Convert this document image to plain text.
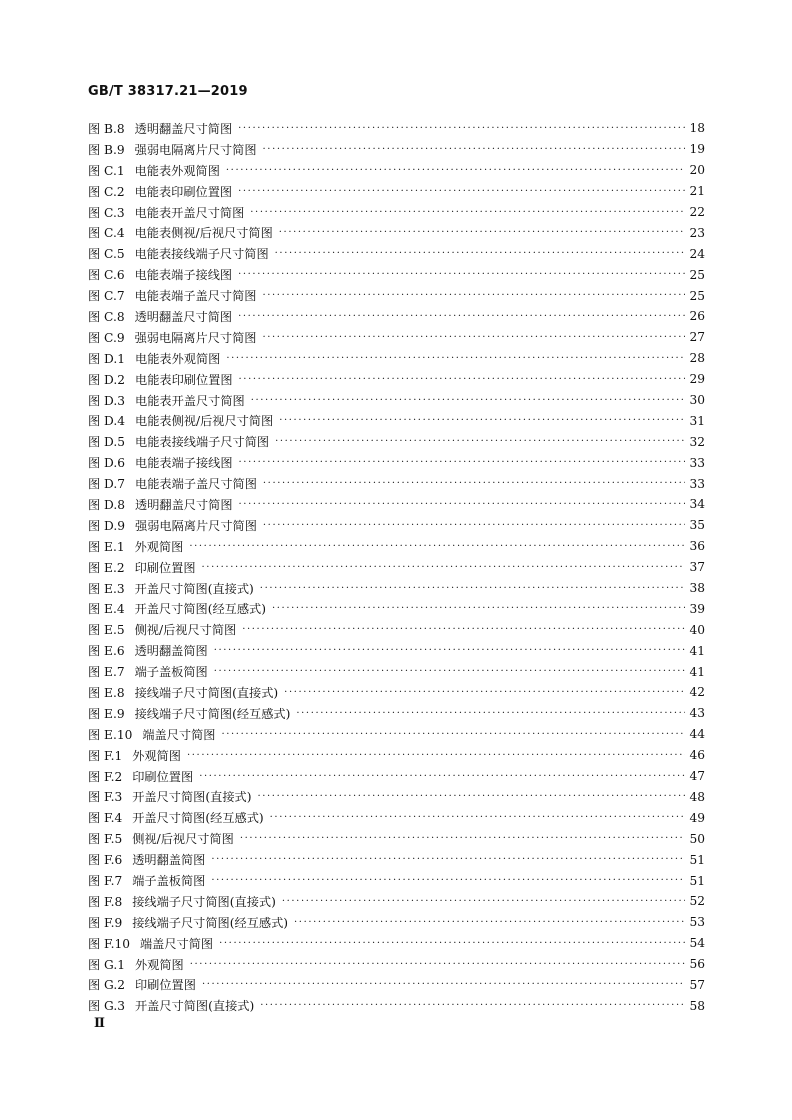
GB/T 38317.21—2019
图 B.8 透明翻盖尺寸简图 ·····	18
图 B.9 强弱电隔离片尺寸简图 ·····	19
图 C.1 电能表外观简图 ·····	20
图 C.2 电能表印刷位置图 ·····	21
图 C.3 电能表开盖尺寸简图 ·····	22
图 C.4 电能表侧视/后视尺寸简图 ·····	23
图 C.5 电能表接线端子尺寸简图 ·····	24
图 C.6 电能表端子接线图 ·····	25
图 C.7 电能表端子盖尺寸简图 ·····	25
图 C.8 透明翻盖尺寸简图 ·····	26
图 C.9 强弱电隔离片尺寸简图 ·····	27
图 D.1 电能表外观简图 ·····	28
图 D.2 电能表印刷位置图 ·····	29
图 D.3 电能表开盖尺寸简图 ·····	30
图 D.4 电能表侧视/后视尺寸简图 ·····	31
图 D.5 电能表接线端子尺寸简图 ·····	32
图 D.6 电能表端子接线图 ·····	33
图 D.7 电能表端子盖尺寸简图 ·····	33
图 D.8 透明翻盖尺寸简图 ·····	34
图 D.9 强弱电隔离片尺寸简图 ·····	35
图 E.1 外观简图 ·····	36
图 E.2 印刷位置图 ·····	37
图 E.3 开盖尺寸简图(直接式) ·····	38
图 E.4 开盖尺寸简图(经互感式) ·····	39
图 E.5 侧视/后视尺寸简图 ·····	40
图 E.6 透明翻盖简图 ·····	41
图 E.7 端子盖板简图 ·····	41
图 E.8 接线端子尺寸简图(直接式) ·····	42
图 E.9 接线端子尺寸简图(经互感式) ·····	43
图 E.10 端盖尺寸简图 ·····	44
图 F.1 外观简图 ·····	46
图 F.2 印刷位置图 ·····	47
图 F.3 开盖尺寸简图(直接式) ·····	48
图 F.4 开盖尺寸简图(经互感式) ·····	49
图 F.5 侧视/后视尺寸简图 ·····	50
图 F.6 透明翻盖简图 ·····	51
图 F.7 端子盖板简图 ·····	51
图 F.8 接线端子尺寸简图(直接式) ·····	52
图 F.9 接线端子尺寸简图(经互感式) ·····	53
图 F.10 端盖尺寸简图 ·····	54
图 G.1 外观简图 ·····	56
图 G.2 印刷位置图 ·····	57
图 G.3 开盖尺寸简图(直接式) ·····	58
Ⅱ
